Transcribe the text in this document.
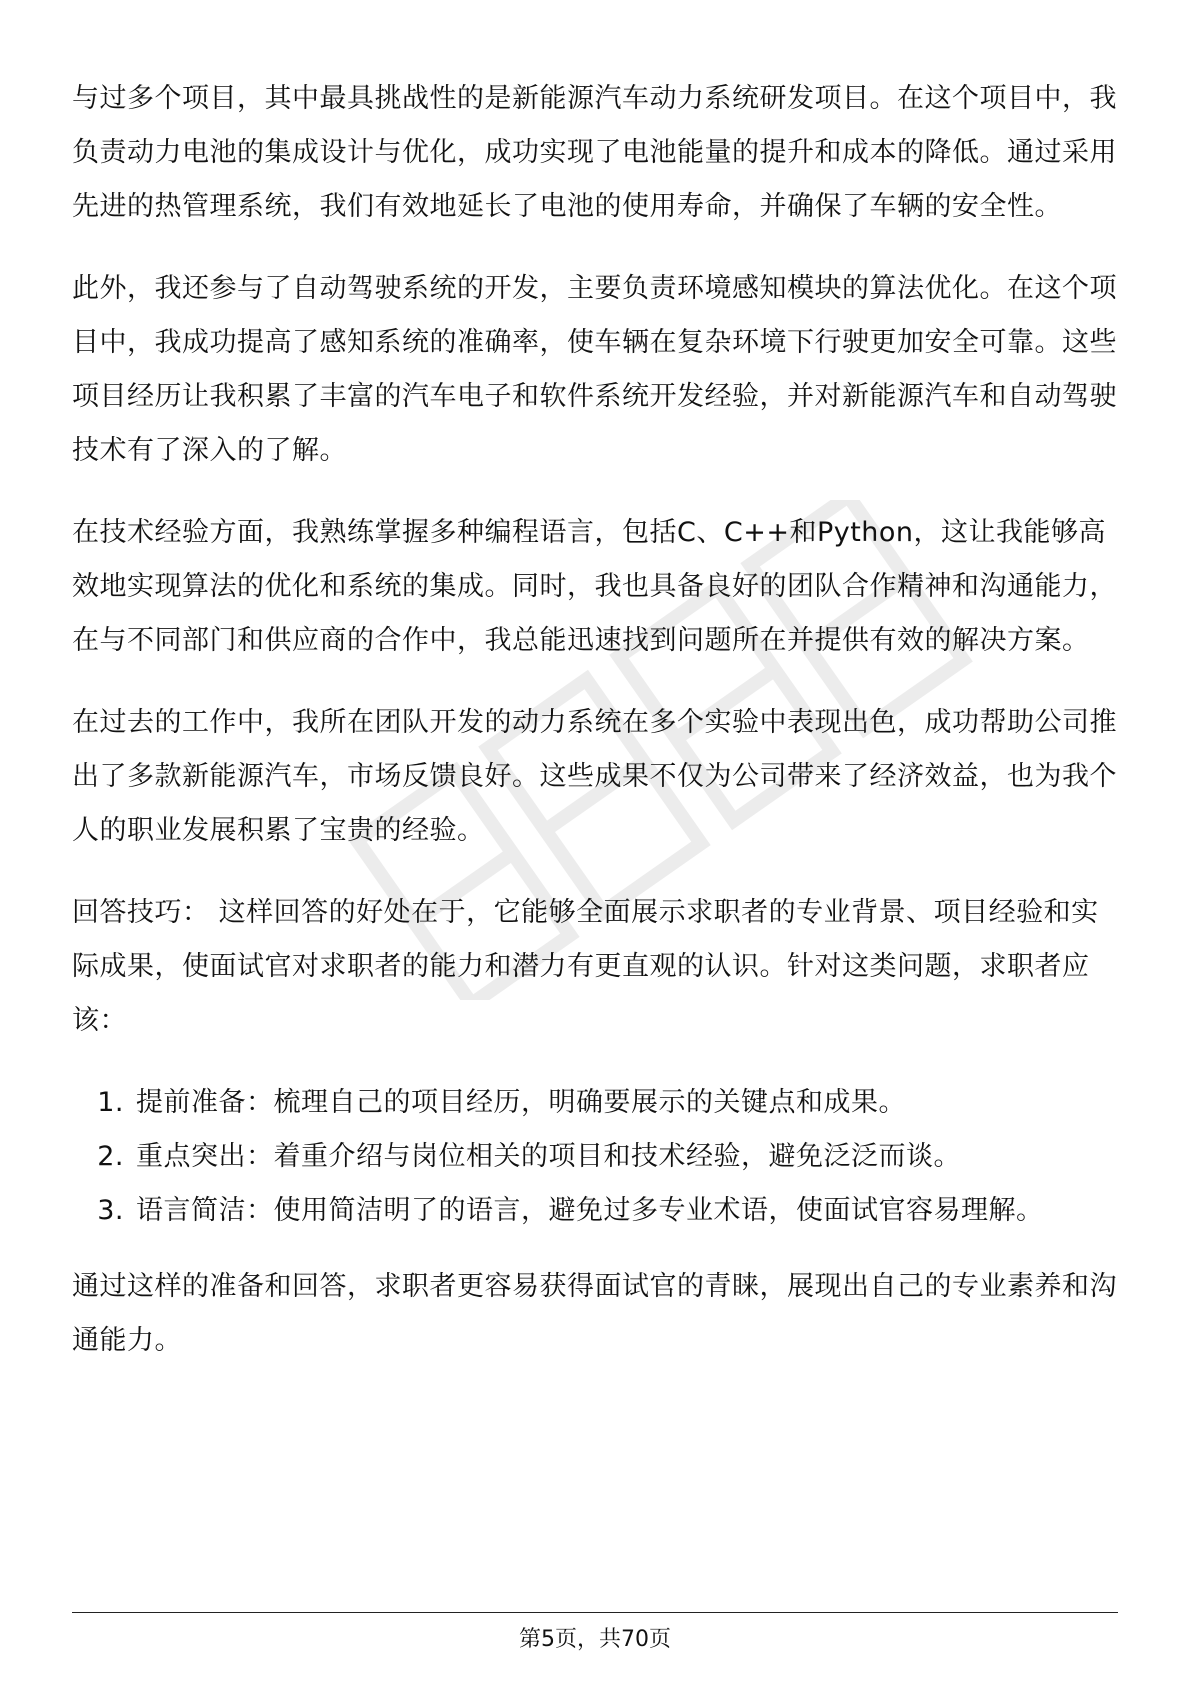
与过多个项目，其中最具挑战性的是新能源汽车动力系统研发项目。在这个项目中，我负责动力电池的集成设计与优化，成功实现了电池能量的提升和成本的降低。通过采用先进的热管理系统，我们有效地延长了电池的使用寿命，并确保了车辆的安全性。

此外，我还参与了自动驾驶系统的开发，主要负责环境感知模块的算法优化。在这个项目中，我成功提高了感知系统的准确率，使车辆在复杂环境下行驶更加安全可靠。这些项目经历让我积累了丰富的汽车电子和软件系统开发经验，并对新能源汽车和自动驾驶技术有了深入的了解。

在技术经验方面，我熟练掌握多种编程语言，包括C、C++和Python，这让我能够高效地实现算法的优化和系统的集成。同时，我也具备良好的团队合作精神和沟通能力，在与不同部门和供应商的合作中，我总能迅速找到问题所在并提供有效的解决方案。

在过去的工作中，我所在团队开发的动力系统在多个实验中表现出色，成功帮助公司推出了多款新能源汽车，市场反馈良好。这些成果不仅为公司带来了经济效益，也为我个人的职业发展积累了宝贵的经验。

回答技巧： 这样回答的好处在于，它能够全面展示求职者的专业背景、项目经验和实际成果，使面试官对求职者的能力和潜力有更直观的认识。针对这类问题，求职者应该：

1. 提前准备：梳理自己的项目经历，明确要展示的关键点和成果。
2. 重点突出：着重介绍与岗位相关的项目和技术经验，避免泛泛而谈。
3. 语言简洁：使用简洁明了的语言，避免过多专业术语，使面试官容易理解。

通过这样的准备和回答，求职者更容易获得面试官的青睐，展现出自己的专业素养和沟通能力。

第5页，共70页
